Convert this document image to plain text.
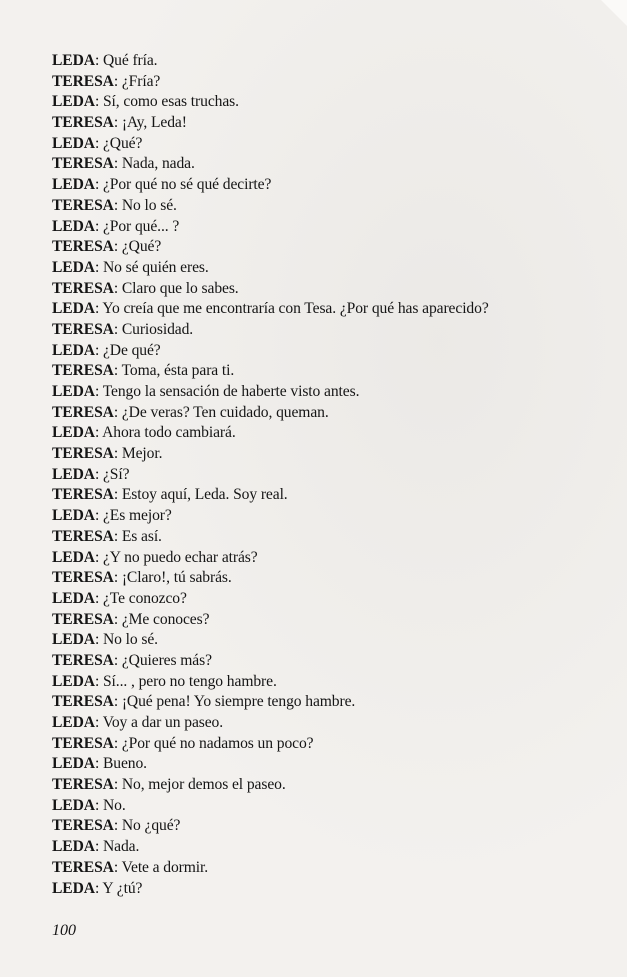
LEDA: Qué fría.
TERESA: ¿Fría?
LEDA: Sí, como esas truchas.
TERESA: ¡Ay, Leda!
LEDA: ¿Qué?
TERESA: Nada, nada.
LEDA: ¿Por qué no sé qué decirte?
TERESA: No lo sé.
LEDA: ¿Por qué... ?
TERESA: ¿Qué?
LEDA: No sé quién eres.
TERESA: Claro que lo sabes.
LEDA: Yo creía que me encontraría con Tesa. ¿Por qué has aparecido?
TERESA: Curiosidad.
LEDA: ¿De qué?
TERESA: Toma, ésta para ti.
LEDA: Tengo la sensación de haberte visto antes.
TERESA: ¿De veras? Ten cuidado, queman.
LEDA: Ahora todo cambiará.
TERESA: Mejor.
LEDA: ¿Sí?
TERESA: Estoy aquí, Leda. Soy real.
LEDA: ¿Es mejor?
TERESA: Es así.
LEDA: ¿Y no puedo echar atrás?
TERESA: ¡Claro!, tú sabrás.
LEDA: ¿Te conozco?
TERESA: ¿Me conoces?
LEDA: No lo sé.
TERESA: ¿Quieres más?
LEDA: Sí... , pero no tengo hambre.
TERESA: ¡Qué pena! Yo siempre tengo hambre.
LEDA: Voy a dar un paseo.
TERESA: ¿Por qué no nadamos un poco?
LEDA: Bueno.
TERESA: No, mejor demos el paseo.
LEDA: No.
TERESA: No ¿qué?
LEDA: Nada.
TERESA: Vete a dormir.
LEDA: Y ¿tú?
100
